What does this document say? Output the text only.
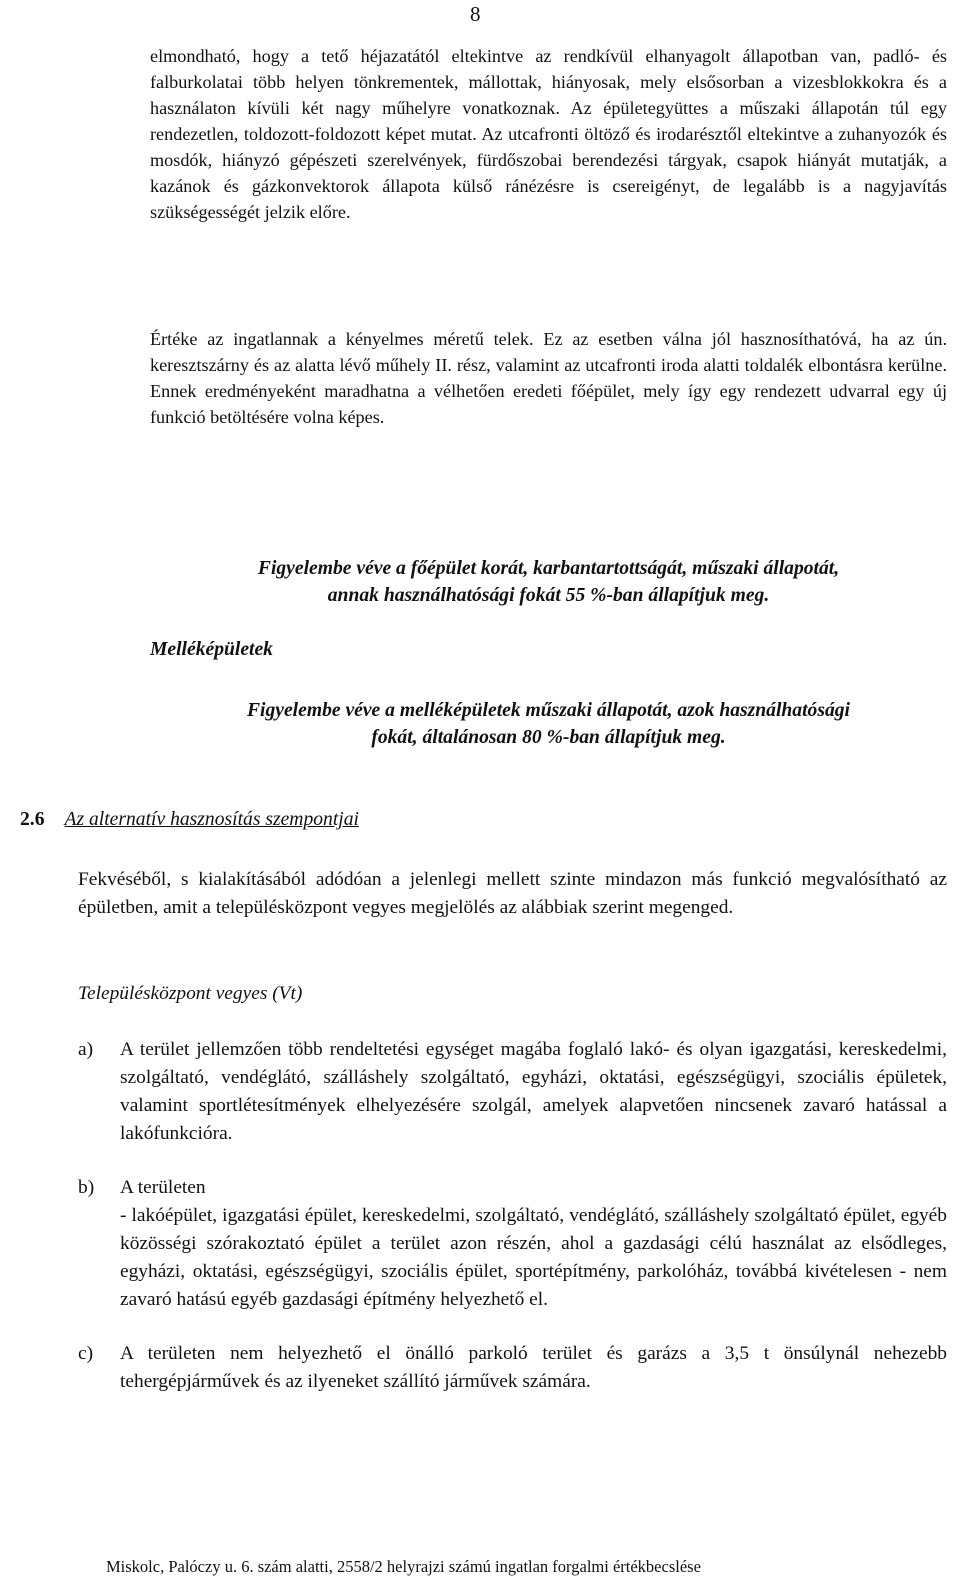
8

elmondható, hogy a tető héjazatától eltekintve az rendkívül elhanyagolt állapotban van, padló- és falburkolatai több helyen tönkrementek, mállottak, hiányosak, mely elsősorban a vizesblokkokra és a használaton kívüli két nagy műhelyre vonatkoznak. Az épületegyüttes a műszaki állapotán túl egy rendezetlen, toldozott-foldozott képet mutat. Az utcafronti öltöző és irodarésztől eltekintve a zuhanyozók és mosdók, hiányzó gépészeti szerelvények, fürdőszobai berendezési tárgyak, csapok hiányát mutatják, a kazánok és gázkonvektorok állapota külső ránézésre is csereigényt, de legalább is a nagyjavítás szükségességét jelzik előre.

Értéke az ingatlannak a kényelmes méretű telek. Ez az esetben válna jól hasznosíthatóvá, ha az ún. keresztszárny és az alatta lévő műhely II. rész, valamint az utcafronti iroda alatti toldalék elbontásra kerülne. Ennek eredményeként maradhatna a vélhetően eredeti főépület, mely így egy rendezett udvarral egy új funkció betöltésére volna képes.

Figyelembe véve a főépület korát, karbantartottságát, műszaki állapotát,
annak használhatósági fokát 55 %-ban állapítjuk meg.
Melléképületek
Figyelembe véve a melléképületek műszaki állapotát, azok használhatósági
fokát, általánosan 80 %-ban állapítjuk meg.
2.6 Az alternatív hasznosítás szempontjai
Fekvéséből, s kialakításából adódóan a jelenlegi mellett szinte mindazon más funkció megvalósítható az épületben, amit a településközpont vegyes megjelölés az alábbiak szerint megenged.
Településközpont vegyes (Vt)
a)	A terület jellemzően több rendeltetési egységet magába foglaló lakó- és olyan igazgatási, kereskedelmi, szolgáltató, vendéglátó, szálláshely szolgáltató, egyházi, oktatási, egészségügyi, szociális épületek, valamint sportlétesítmények elhelyezésére szolgál, amelyek alapvetően nincsenek zavaró hatással a lakófunkcióra.
b)	A területen
- lakóépület, igazgatási épület, kereskedelmi, szolgáltató, vendéglátó, szálláshely szolgáltató épület, egyéb közösségi szórakoztató épület a terület azon részén, ahol a gazdasági célú használat az elsődleges, egyházi, oktatási, egészségügyi, szociális épület, sportépítmény, parkolóház, továbbá kivételesen - nem zavaró hatású egyéb gazdasági építmény helyezhető el.
c)	A területen nem helyezhető el önálló parkoló terület és garázs a 3,5 t önsúlynál nehezebb tehergépjárművek és az ilyeneket szállító járművek számára.
Miskolc, Palóczy u. 6. szám alatti, 2558/2 helyrajzi számú ingatlan forgalmi értékbecslése
